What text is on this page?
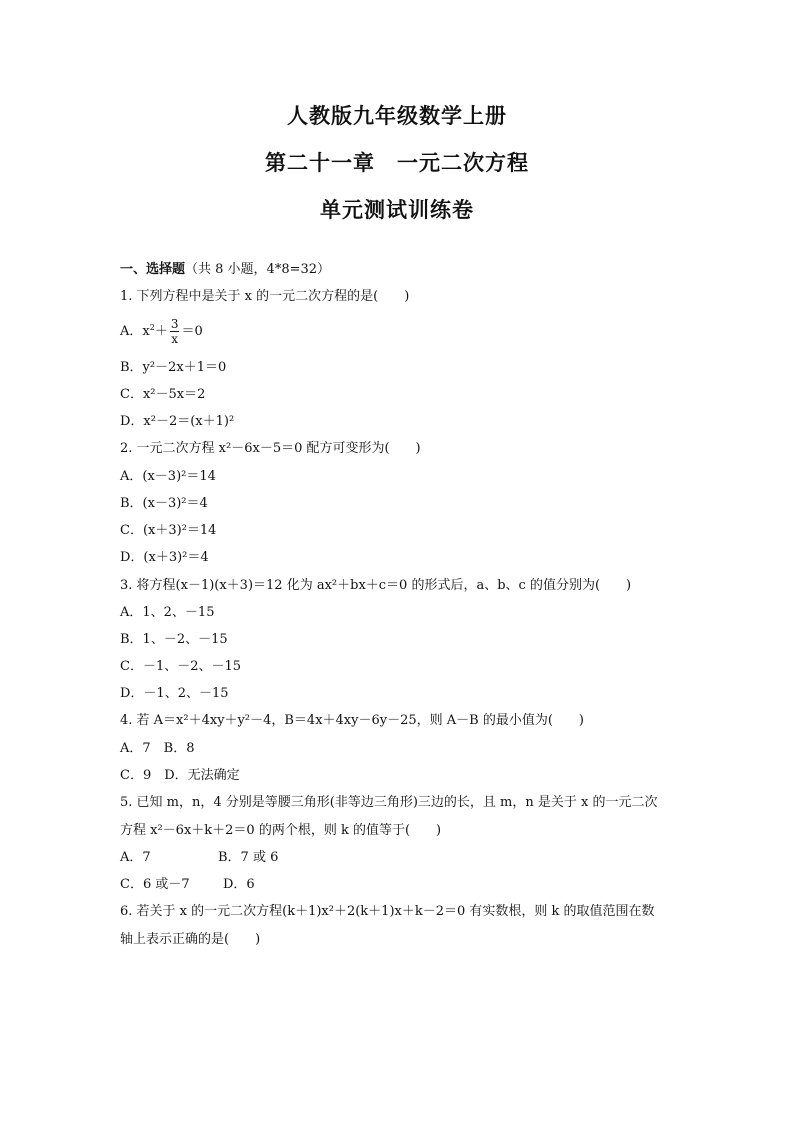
人教版九年级数学上册
第二十一章　一元二次方程
单元测试训练卷
一、选择题（共 8 小题，4*8=32）
1. 下列方程中是关于 x 的一元二次方程的是(　　)
A．$x^2+ \frac{3}{x} =0$
B．y²－2x＋1＝0
C．x²－5x＝2
D．x²－2＝(x＋1)²
2. 一元二次方程 x²－6x－5＝0 配方可变形为(　　)
A．(x－3)²＝14
B．(x－3)²＝4
C．(x＋3)²＝14
D．(x＋3)²＝4
3. 将方程(x－1)(x＋3)＝12 化为 ax²＋bx＋c＝0 的形式后，a、b、c 的值分别为(　　)
A．1、2、－15
B．1、－2、－15
C．－1、－2、－15
D．－1、2、－15
4. 若 A＝x²＋4xy＋y²－4，B＝4x＋4xy－6y－25，则 A－B 的最小值为(　　)
A．7　B．8
C．9　D．无法确定
5. 已知 m，n，4 分别是等腰三角形(非等边三角形)三边的长，且 m，n 是关于 x 的一元二次
方程 x²－6x＋k＋2＝0 的两个根，则 k 的值等于(　　)
A．7	B．7 或 6
C．6 或－7	D．6
6. 若关于 x 的一元二次方程(k＋1)x²＋2(k＋1)x＋k－2＝0 有实数根，则 k 的取值范围在数
轴上表示正确的是(　　)
